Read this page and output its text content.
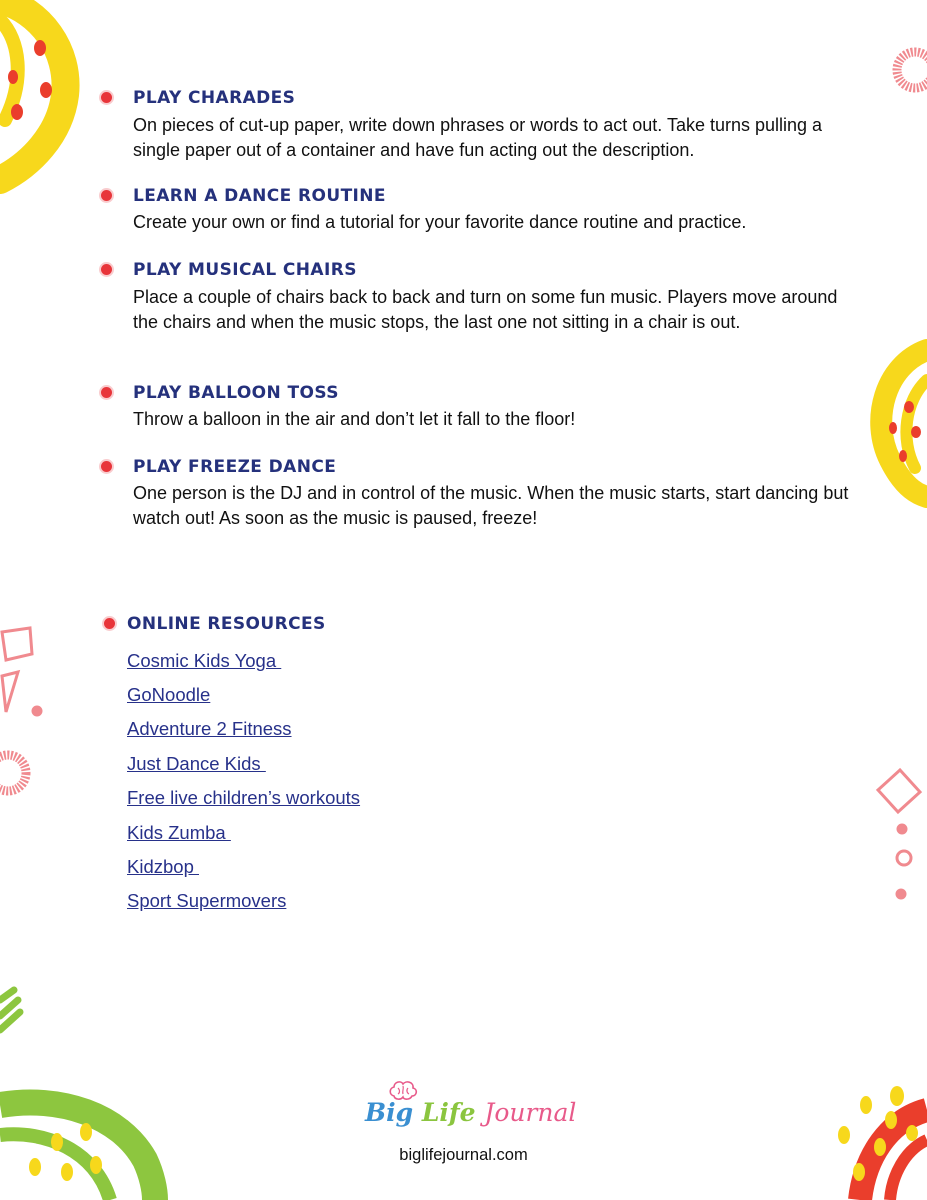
PLAY CHARADES
On pieces of cut-up paper, write down phrases or words to act out. Take turns pulling a single paper out of a container and have fun acting out the description.
LEARN A DANCE ROUTINE
Create your own or find a tutorial for your favorite dance routine and practice.
PLAY MUSICAL CHAIRS
Place a couple of chairs back to back and turn on some fun music. Players move around the chairs and when the music stops, the last one not sitting in a chair is out.
PLAY BALLOON TOSS
Throw a balloon in the air and don’t let it fall to the floor!
PLAY FREEZE DANCE
One person is the DJ and in control of the music. When the music starts, start dancing but watch out! As soon as the music is paused, freeze!
ONLINE RESOURCES
Cosmic Kids Yoga
GoNoodle
Adventure 2 Fitness
Just Dance Kids
Free live children’s workouts
Kids Zumba
Kidzbop
Sport Supermovers
Big Life Journal
biglifejournal.com
